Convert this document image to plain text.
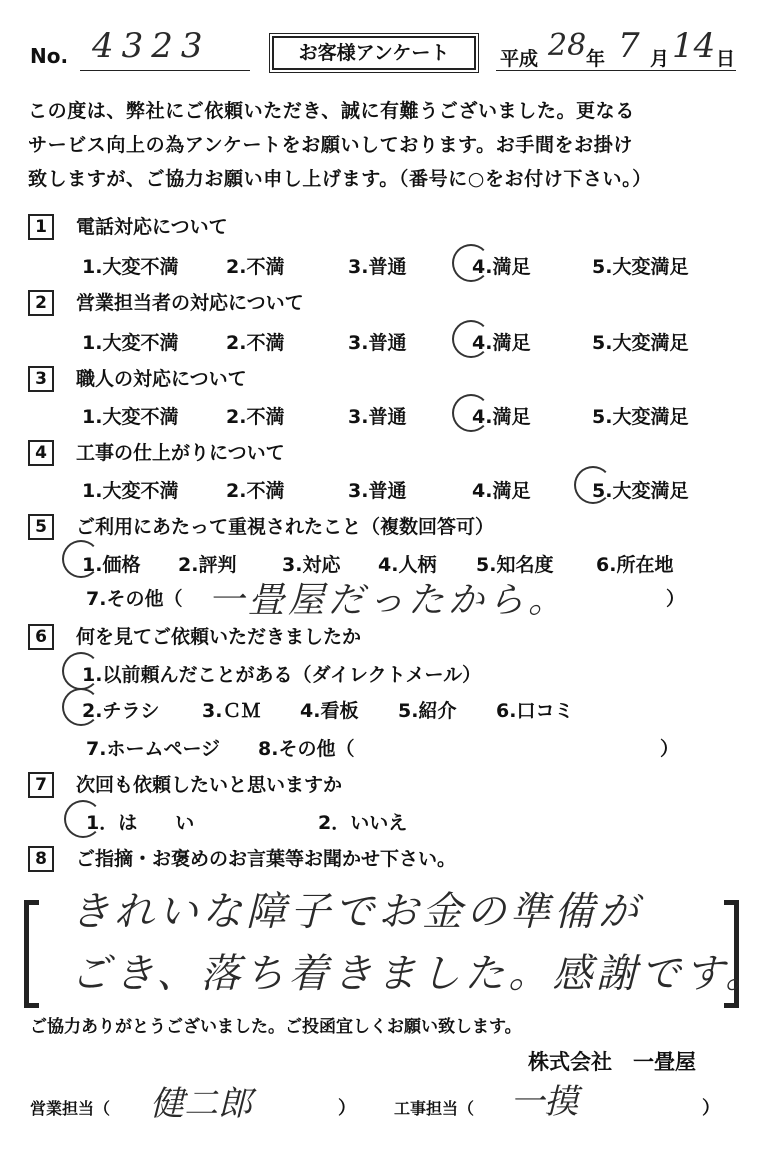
No. 4323	お客様アンケート	平成 28 年 7 月 14 日
この度は、弊社にご依頼いただき、誠に有難うございました。更なる
サービス向上の為アンケートをお願いしております。お手間をお掛け
致しますが、ご協力お願い申し上げます。（番号に○をお付け下さい。）
1	電話対応について
1.大変不満	2.不満	3.普通	4.満足	5.大変満足
2	営業担当者の対応について
1.大変不満	2.不満	3.普通	4.満足	5.大変満足
3	職人の対応について
1.大変不満	2.不満	3.普通	4.満足	5.大変満足
4	工事の仕上がりについて
1.大変不満	2.不満	3.普通	4.満足	5.大変満足
5	ご利用にあたって重視されたこと（複数回答可）
1.価格 2.評判 3.対応 4.人柄 5.知名度 6.所在地
7.その他（ 一畳屋だったから。	）
6	何を見てご依頼いただきましたか
1.以前頼んだことがある（ダイレクトメール）
2.チラシ 3.ＣＭ 4.看板 5.紹介 6.口コミ
7.ホームページ 8.その他（	）
7	次回も依頼したいと思いますか
1．は　　い	2．いいえ
8	ご指摘・お褒めのお言葉等お聞かせ下さい。
きれいな障子でお金の準備が
ごき、落ち着きました。感謝です。
ご協力ありがとうございました。ご投函宜しくお願い致します。
株式会社　一畳屋
営業担当（ 健二郎	） 工事担当（ 一摸	）
